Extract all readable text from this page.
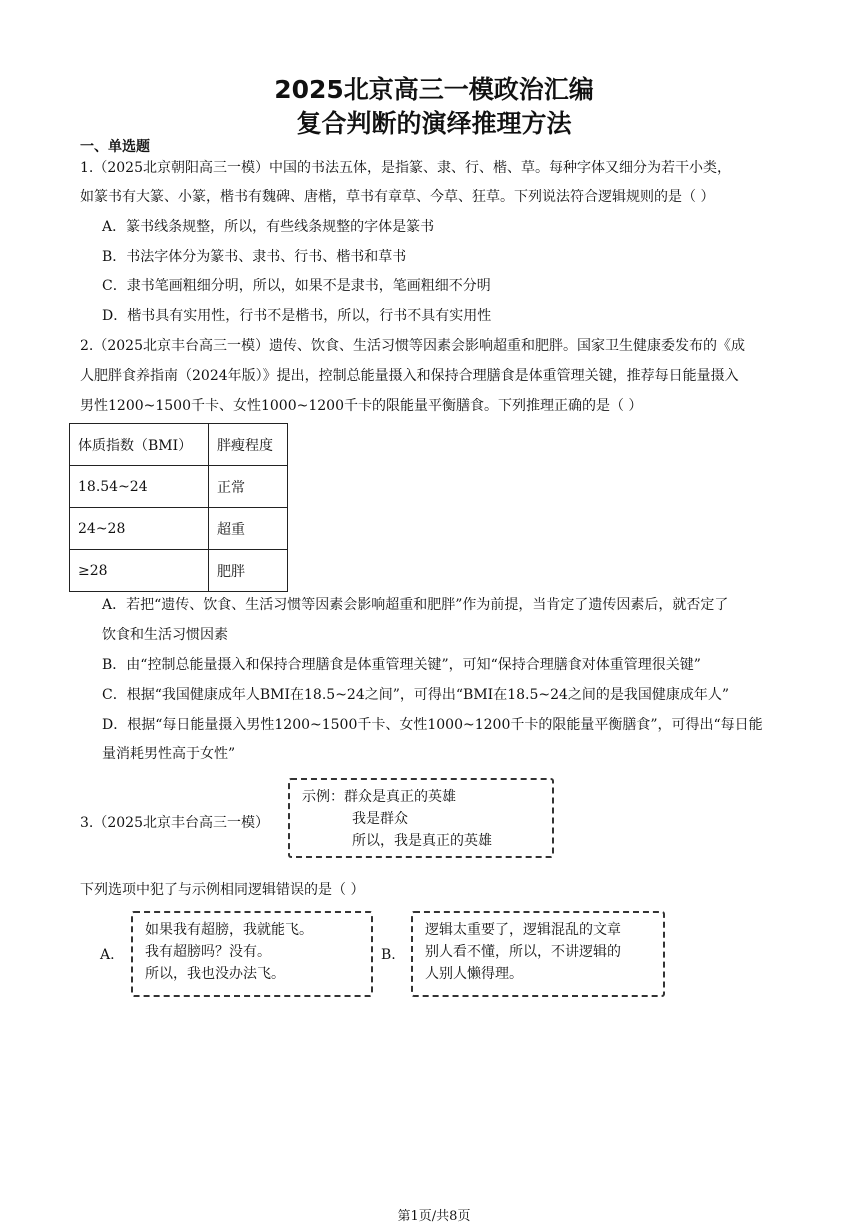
2025北京高三一模政治汇编
复合判断的演绎推理方法
一、单选题
1.（2025北京朝阳高三一模）中国的书法五体，是指篆、隶、行、楷、草。每种字体又细分为若干小类，
如篆书有大篆、小篆，楷书有魏碑、唐楷，草书有章草、今草、狂草。下列说法符合逻辑规则的是（ ）
A．篆书线条规整，所以，有些线条规整的字体是篆书
B．书法字体分为篆书、隶书、行书、楷书和草书
C．隶书笔画粗细分明，所以，如果不是隶书，笔画粗细不分明
D．楷书具有实用性，行书不是楷书，所以，行书不具有实用性
2.（2025北京丰台高三一模）遗传、饮食、生活习惯等因素会影响超重和肥胖。国家卫生健康委发布的《成
人肥胖食养指南（2024年版）》提出，控制总能量摄入和保持合理膳食是体重管理关键，推荐每日能量摄入
男性1200~1500千卡、女性1000~1200千卡的限能量平衡膳食。下列推理正确的是（ ）
体质指数（BMI）	胖瘦程度
18.54~24	正常
24~28	超重
≥28	肥胖
A．若把“遗传、饮食、生活习惯等因素会影响超重和肥胖”作为前提，当肯定了遗传因素后，就否定了
饮食和生活习惯因素
B．由“控制总能量摄入和保持合理膳食是体重管理关键”，可知“保持合理膳食对体重管理很关键”
C．根据“我国健康成年人BMI在18.5~24之间”，可得出“BMI在18.5~24之间的是我国健康成年人”
D．根据“每日能量摄入男性1200~1500千卡、女性1000~1200千卡的限能量平衡膳食”，可得出“每日能
量消耗男性高于女性”
3.（2025北京丰台高三一模）
示例：群众是真正的英雄
我是群众
所以，我是真正的英雄
下列选项中犯了与示例相同逻辑错误的是（ ）
A.
如果我有超膀，我就能飞。
我有超膀吗？没有。
所以，我也没办法飞。
B.
逻辑太重要了，逻辑混乱的文章
别人看不懂，所以，不讲逻辑的
人别人懒得理。
第1页/共8页
